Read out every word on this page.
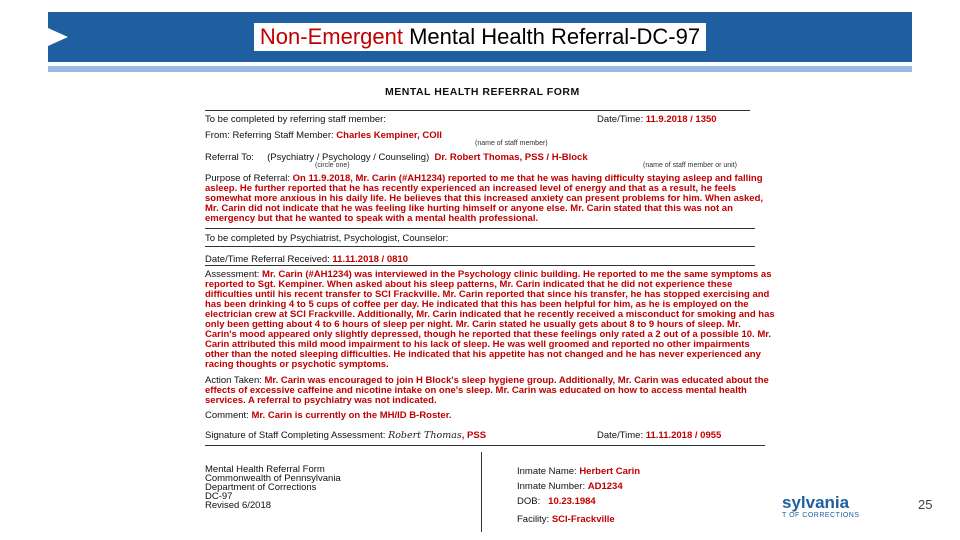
Non-Emergent Mental Health Referral-DC-97
MENTAL HEALTH REFERRAL FORM
To be completed by referring staff member:	Date/Time: 11.9.2018 / 1350
From: Referring Staff Member: Charles Kempiner, COII
(name of staff member)
Referral To: (Psychiatry / Psychology / Counseling) Dr. Robert Thomas, PSS / H-Block
(circle one)	(name of staff member or unit)
Purpose of Referral: On 11.9.2018, Mr. Carin (#AH1234) reported to me that he was having difficulty staying asleep and falling asleep. He further reported that he has recently experienced an increased level of energy and that as a result, he feels somewhat more anxious in his daily life. He believes that this increased anxiety can present problems for him. When asked, Mr. Carin did not indicate that he was feeling like hurting himself or anyone else. Mr. Carin stated that this was not an emergency but that he wanted to speak with a mental health professional.
To be completed by Psychiatrist, Psychologist, Counselor:
Date/Time Referral Received: 11.11.2018 / 0810
Assessment: Mr. Carin (#AH1234) was interviewed in the Psychology clinic building. He reported to me the same symptoms as reported to Sgt. Kempiner. When asked about his sleep patterns, Mr. Carin indicated that he did not experience these difficulties until his recent transfer to SCI Frackville. Mr. Carin reported that since his transfer, he has stopped exercising and has been drinking 4 to 5 cups of coffee per day. He indicated that this has been helpful for him, as he is employed on the electrician crew at SCI Frackville. Additionally, Mr. Carin indicated that he recently received a misconduct for smoking and has only been getting about 4 to 6 hours of sleep per night. Mr. Carin stated he usually gets about 8 to 9 hours of sleep. Mr. Carin's mood appeared only slightly depressed, though he reported that these feelings only rated a 2 out of a possible 10. Mr. Carin attributed this mild mood impairment to his lack of sleep. He was well groomed and reported no other impairments other than the noted sleeping difficulties. He indicated that his appetite has not changed and he has never experienced any racing thoughts or psychotic symptoms.
Action Taken: Mr. Carin was encouraged to join H Block's sleep hygiene group. Additionally, Mr. Carin was educated about the effects of excessive caffeine and nicotine intake on one's sleep. Mr. Carin was educated on how to access mental health services. A referral to psychiatry was not indicated.
Comment: Mr. Carin is currently on the MH/ID B-Roster.
Signature of Staff Completing Assessment: Robert Thomas, PSS	Date/Time: 11.11.2018 / 0955
Mental Health Referral Form
Commonwealth of Pennsylvania
Department of Corrections
DC-97
Revised 6/2018
Inmate Name: Herbert Carin
Inmate Number: AD1234
DOB: 10.23.1984
Facility: SCI-Frackville
sylvania
T OF CORRECTIONS
25
